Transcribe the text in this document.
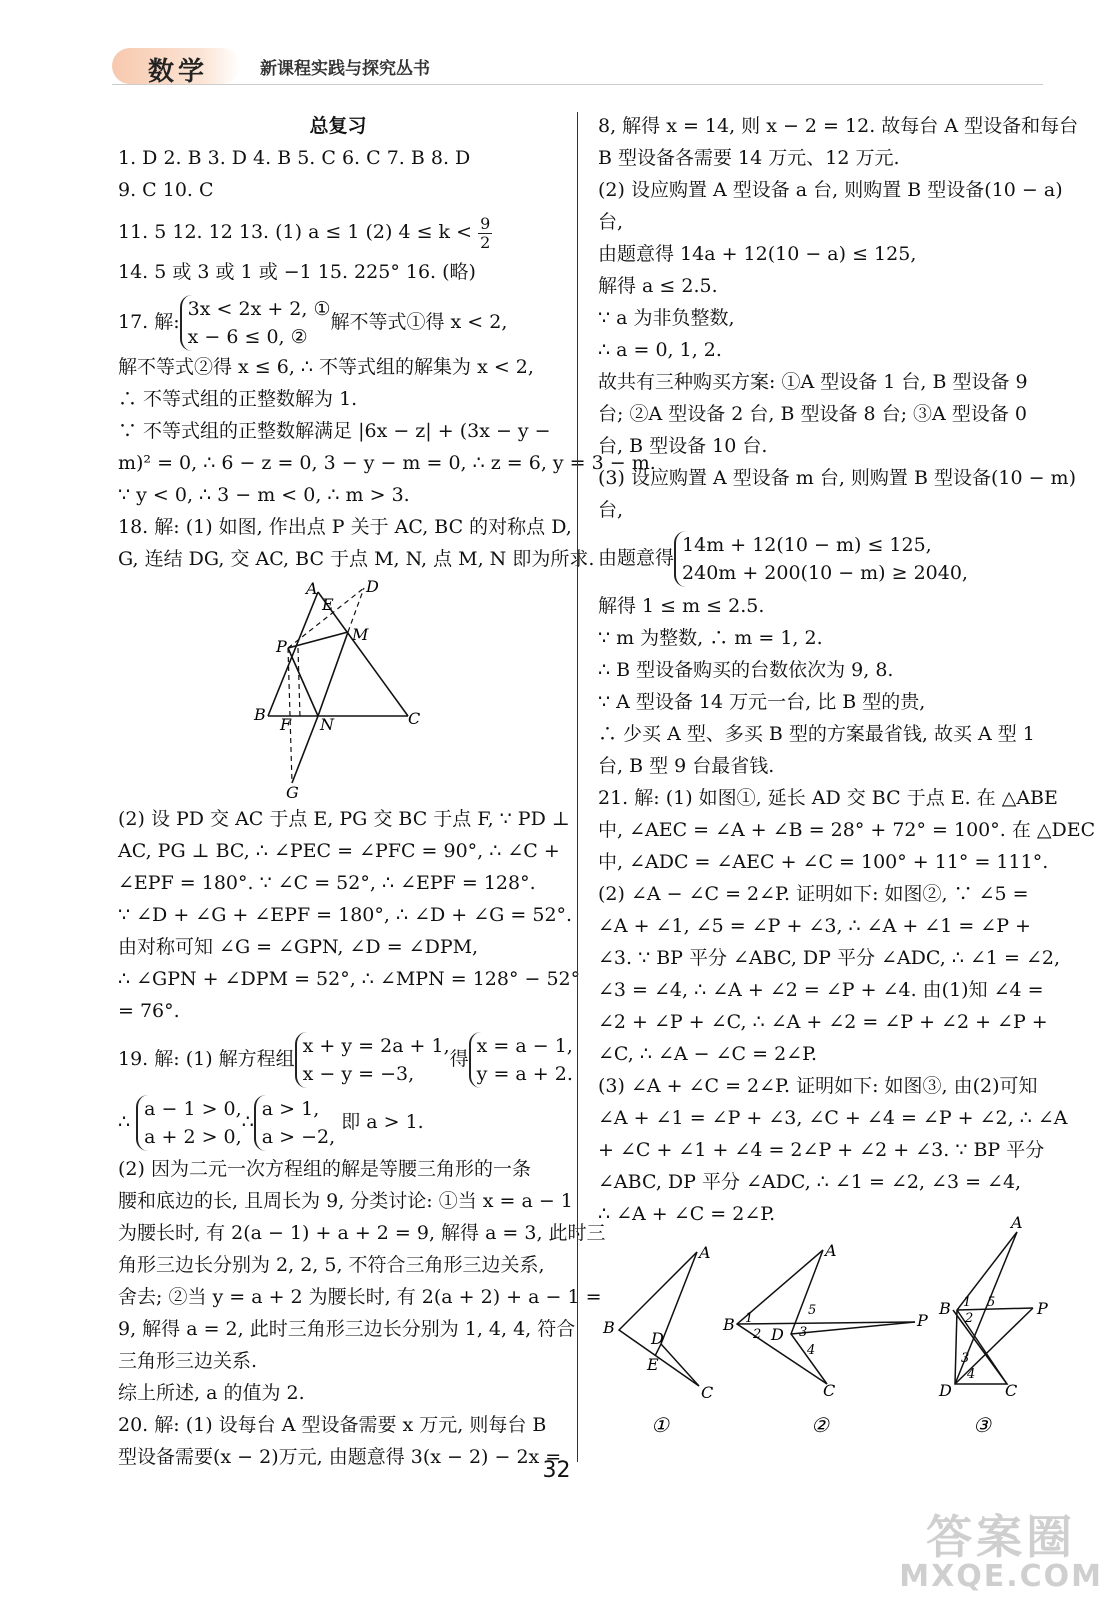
数学	新课程实践与探究丛书

总复习

1. D 2. B 3. D 4. B 5. C 6. C 7. B 8. D

9. C 10. C

11. 5 12. 12 13. (1) a ≤ 1 (2) $4 \le k < \frac{9}{2}$

14. 5 或 3 或 1 或 −1 15. 225° 16. (略)

17. 解:3x < 2x + 2, ①
x − 6 ≤ 0, ②解不等式①得 x < 2,

解不等式②得 x ≤ 6, ∴ 不等式组的解集为 x < 2,

∴ 不等式组的正整数解为 1.

∵ 不等式组的正整数解满足 |6x − z| + (3x − y −

m)² = 0, ∴ 6 − z = 0, 3 − y − m = 0, ∴ z = 6, y = 3 − m.

∵ y < 0, ∴ 3 − m < 0, ∴ m > 3.

18. 解: (1) 如图, 作出点 P 关于 AC, BC 的对称点 D,

G, 连结 DG, 交 AC, BC 于点 M, N, 点 M, N 即为所求.

(2) 设 PD 交 AC 于点 E, PG 交 BC 于点 F, ∵ PD ⊥

AC, PG ⊥ BC, ∴ ∠PEC = ∠PFC = 90°, ∴ ∠C +

∠EPF = 180°. ∵ ∠C = 52°, ∴ ∠EPF = 128°.

∵ ∠D + ∠G + ∠EPF = 180°, ∴ ∠D + ∠G = 52°.

由对称可知 ∠G = ∠GPN, ∠D = ∠DPM,

∴ ∠GPN + ∠DPM = 52°, ∴ ∠MPN = 128° − 52°

= 76°.

19. 解: (1) 解方程组x + y = 2a + 1,
x − y = −3,得x = a − 1,
y = a + 2.

∴ a − 1 > 0,
a + 2 > 0,∴a > 1,
a > −2, 即 a > 1.

(2) 因为二元一次方程组的解是等腰三角形的一条

腰和底边的长, 且周长为 9, 分类讨论: ①当 x = a − 1

为腰长时, 有 2(a − 1) + a + 2 = 9, 解得 a = 3, 此时三

角形三边长分别为 2, 2, 5, 不符合三角形三边关系,

舍去; ②当 y = a + 2 为腰长时, 有 2(a + 2) + a − 1 =

9, 解得 a = 2, 此时三角形三边长分别为 1, 4, 4, 符合

三角形三边关系.

综上所述, a 的值为 2.

20. 解: (1) 设每台 A 型设备需要 x 万元, 则每台 B

型设备需要(x − 2)万元, 由题意得 3(x − 2) − 2x =

A
E
D
M
P
B
F N	C
G

8, 解得 x = 14, 则 x − 2 = 12. 故每台 A 型设备和每台

B 型设备各需要 14 万元、12 万元.

(2) 设应购置 A 型设备 a 台, 则购置 B 型设备(10 − a)

台,

由题意得 14a + 12(10 − a) ≤ 125,

解得 a ≤ 2.5.

∵ a 为非负整数,

∴ a = 0, 1, 2.

故共有三种购买方案: ①A 型设备 1 台, B 型设备 9

台; ②A 型设备 2 台, B 型设备 8 台; ③A 型设备 0

台, B 型设备 10 台.

(3) 设应购置 A 型设备 m 台, 则购置 B 型设备(10 − m)

台,

由题意得14m + 12(10 − m) ≤ 125,
240m + 200(10 − m) ≥ 2040,

解得 1 ≤ m ≤ 2.5.

∵ m 为整数, ∴ m = 1, 2.

∴ B 型设备购买的台数依次为 9, 8.

∵ A 型设备 14 万元一台, 比 B 型的贵,

∴ 少买 A 型、多买 B 型的方案最省钱, 故买 A 型 1

台, B 型 9 台最省钱.

21. 解: (1) 如图①, 延长 AD 交 BC 于点 E. 在 △ABE

中, ∠AEC = ∠A + ∠B = 28° + 72° = 100°. 在 △DEC

中, ∠ADC = ∠AEC + ∠C = 100° + 11° = 111°.

(2) ∠A − ∠C = 2∠P. 证明如下: 如图②, ∵ ∠5 =

∠A + ∠1, ∠5 = ∠P + ∠3, ∴ ∠A + ∠1 = ∠P +

∠3. ∵ BP 平分 ∠ABC, DP 平分 ∠ADC, ∴ ∠1 = ∠2,

∠3 = ∠4, ∴ ∠A + ∠2 = ∠P + ∠4. 由(1)知 ∠4 =

∠2 + ∠P + ∠C, ∴ ∠A + ∠2 = ∠P + ∠2 + ∠P +

∠C, ∴ ∠A − ∠C = 2∠P.

(3) ∠A + ∠C = 2∠P. 证明如下: 如图③, 由(2)可知

∠A + ∠1 = ∠P + ∠3, ∠C + ∠4 = ∠P + ∠2, ∴ ∠A

+ ∠C + ∠1 + ∠4 = 2∠P + ∠2 + ∠3. ∵ BP 平分

∠ABC, DP 平分 ∠ADC, ∴ ∠1 = ∠2, ∠3 = ∠4,

∴ ∠A + ∠C = 2∠P.

A
B
D
E
C
①
A
B 1
2
5
D 3
4
P
C
②
A
B 1
2
5	P
3
4
D	C
③
32
答案圈
MXQE.COM
